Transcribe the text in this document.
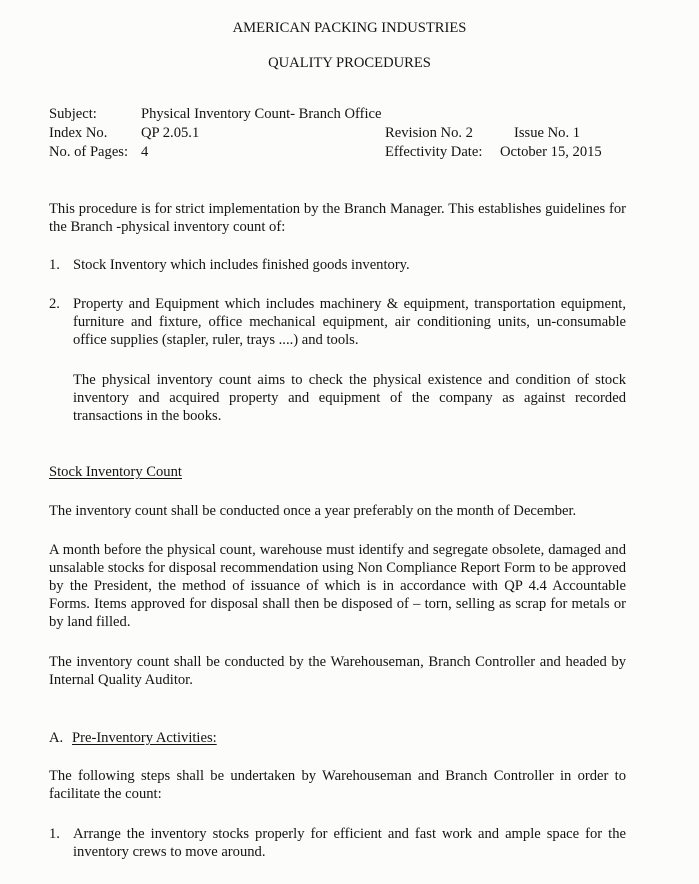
AMERICAN PACKING INDUSTRIES
QUALITY PROCEDURES
Subject:	Physical Inventory Count- Branch Office
Index No. QP 2.05.1	Revision No. 2	Issue No. 1
No. of Pages: 4	Effectivity Date: October 15, 2015
This procedure is for strict implementation by the Branch Manager. This establishes guidelines for the Branch -physical inventory count of:
1. Stock Inventory which includes finished goods inventory.
2. Property and Equipment which includes machinery & equipment, transportation equipment, furniture and fixture, office mechanical equipment, air conditioning units, un-consumable office supplies (stapler, ruler, trays ....) and tools.
The physical inventory count aims to check the physical existence and condition of stock inventory and acquired property and equipment of the company as against recorded transactions in the books.
Stock Inventory Count
The inventory count shall be conducted once a year preferably on the month of December.
A month before the physical count, warehouse must identify and segregate obsolete, damaged and unsalable stocks for disposal recommendation using Non Compliance Report Form to be approved by the President, the method of issuance of which is in accordance with QP 4.4 Accountable Forms. Items approved for disposal shall then be disposed of – torn, selling as scrap for metals or by land filled.
The inventory count shall be conducted by the Warehouseman, Branch Controller and headed by Internal Quality Auditor.
A. Pre-Inventory Activities:
The following steps shall be undertaken by Warehouseman and Branch Controller in order to facilitate the count:
1. Arrange the inventory stocks properly for efficient and fast work and ample space for the inventory crews to move around.
